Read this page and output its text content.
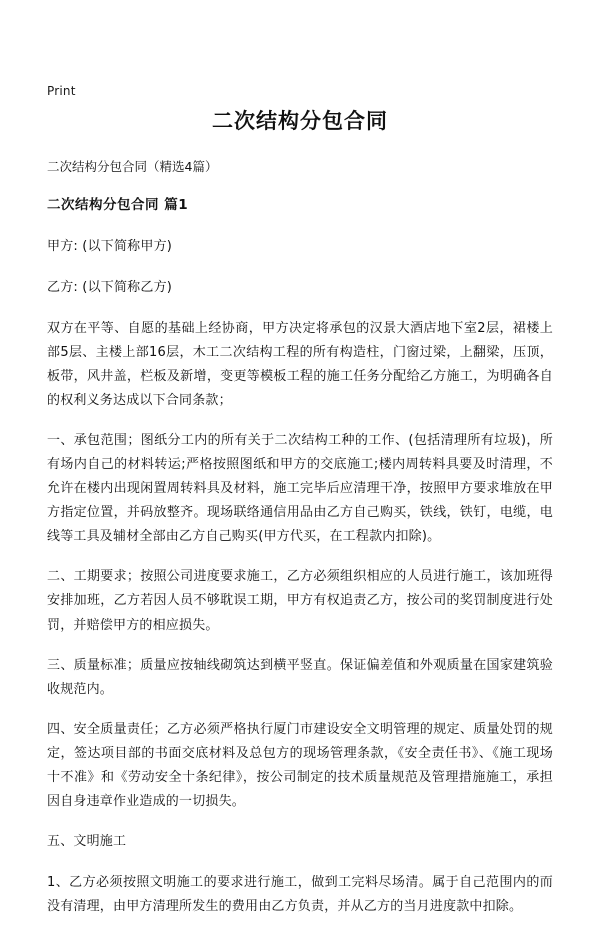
Print
二次结构分包合同

二次结构分包合同（精选4篇）

二次结构分包合同 篇1

甲方: (以下简称甲方)

乙方: (以下简称乙方)

双方在平等、自愿的基础上经协商，甲方决定将承包的汉景大酒店地下室2层，裙楼上部5层、主楼上部16层，木工二次结构工程的所有构造柱，门窗过梁，上翻梁，压顶，板带，风井盖，栏板及新增，变更等模板工程的施工任务分配给乙方施工，为明确各自的权利义务达成以下合同条款；

一、承包范围；图纸分工内的所有关于二次结构工种的工作、(包括清理所有垃圾)，所有场内自己的材料转运;严格按照图纸和甲方的交底施工;楼内周转料具要及时清理，不允许在楼内出现闲置周转料具及材料，施工完毕后应清理干净，按照甲方要求堆放在甲方指定位置，并码放整齐。现场联络通信用品由乙方自己购买，铁线，铁钉，电缆，电线等工具及辅材全部由乙方自己购买(甲方代买，在工程款内扣除)。

二、工期要求；按照公司进度要求施工，乙方必须组织相应的人员进行施工，该加班得安排加班，乙方若因人员不够耽误工期，甲方有权追责乙方，按公司的奖罚制度进行处罚，并赔偿甲方的相应损失。

三、质量标准；质量应按轴线砌筑达到横平竖直。保证偏差值和外观质量在国家建筑验收规范内。

四、安全质量责任；乙方必须严格执行厦门市建设安全文明管理的规定、质量处罚的规定，签达项目部的书面交底材料及总包方的现场管理条款，《安全责任书》、《施工现场十不准》和《劳动安全十条纪律》，按公司制定的技术质量规范及管理措施施工，承担因自身违章作业造成的一切损失。

五、文明施工

1、乙方必须按照文明施工的要求进行施工，做到工完料尽场清。属于自己范围内的而没有清理，由甲方清理所发生的费用由乙方负责，并从乙方的当月进度款中扣除。
